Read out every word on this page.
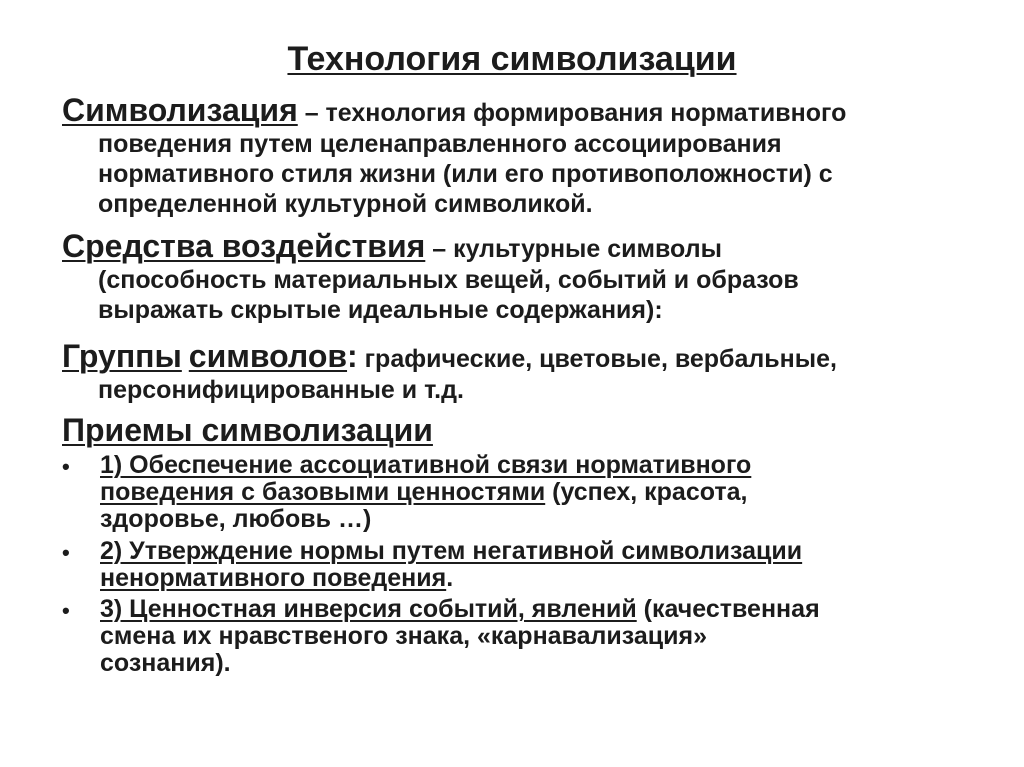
Технология символизации
Символизация – технология формирования нормативного
поведения путем целенаправленного ассоциирования
нормативного стиля жизни (или его противоположности) с
определенной культурной символикой.
Средства воздействия – культурные символы
(способность материальных вещей, событий и образов
выражать скрытые идеальные содержания):
Группы символов: графические, цветовые, вербальные,
персонифицированные и т.д.
Приемы символизации
• 1) Обеспечение ассоциативной связи нормативного
поведения с базовыми ценностями (успех, красота,
здоровье, любовь …)
• 2) Утверждение нормы путем негативной символизации
ненормативного поведения.
• 3) Ценностная инверсия событий, явлений (качественная
смена их нравственого знака, «карнавализация»
сознания).
